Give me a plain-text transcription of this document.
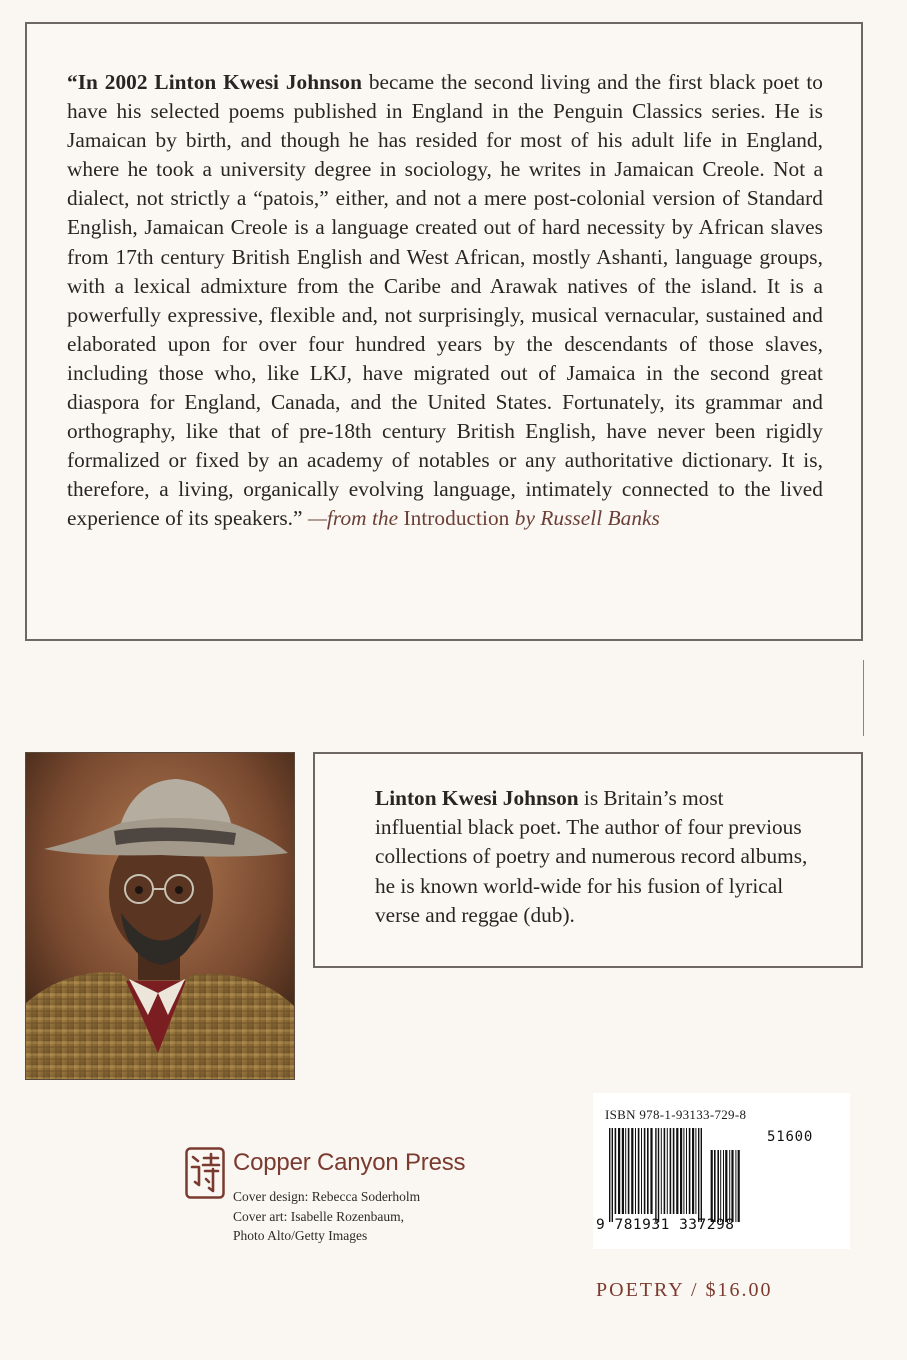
“In 2002 Linton Kwesi Johnson became the second living and the first black poet to have his selected poems published in England in the Penguin Classics series. He is Jamaican by birth, and though he has resided for most of his adult life in England, where he took a university degree in sociology, he writes in Jamaican Creole. Not a dialect, not strictly a “patois,” either, and not a mere post-colonial version of Standard English, Jamaican Creole is a language created out of hard necessity by African slaves from 17th century British English and West African, mostly Ashanti, language groups, with a lexical admixture from the Caribe and Arawak natives of the island. It is a powerfully expressive, flexible and, not surprisingly, musical vernacular, sustained and elaborated upon for over four hundred years by the descendants of those slaves, including those who, like LKJ, have migrated out of Jamaica in the second great diaspora for England, Canada, and the United States. Fortunately, its grammar and orthography, like that of pre-18th century British English, have never been rigidly formalized or fixed by an academy of notables or any authoritative dictionary. It is, therefore, a living, organically evolving language, intimately connected to the lived experience of its speakers.” —from the Introduction by Russell Banks
Linton Kwesi Johnson is Britain’s most influential black poet. The author of four previous collections of poetry and numerous record albums, he is known world-wide for his fusion of lyrical verse and reggae (dub).
Copper Canyon Press
Cover design: Rebecca Soderholm
Cover art: Isabelle Rozenbaum,
Photo Alto/Getty Images
ISBN 978-1-93133-729-8
51600
9 781931 337298
POETRY / $16.00
